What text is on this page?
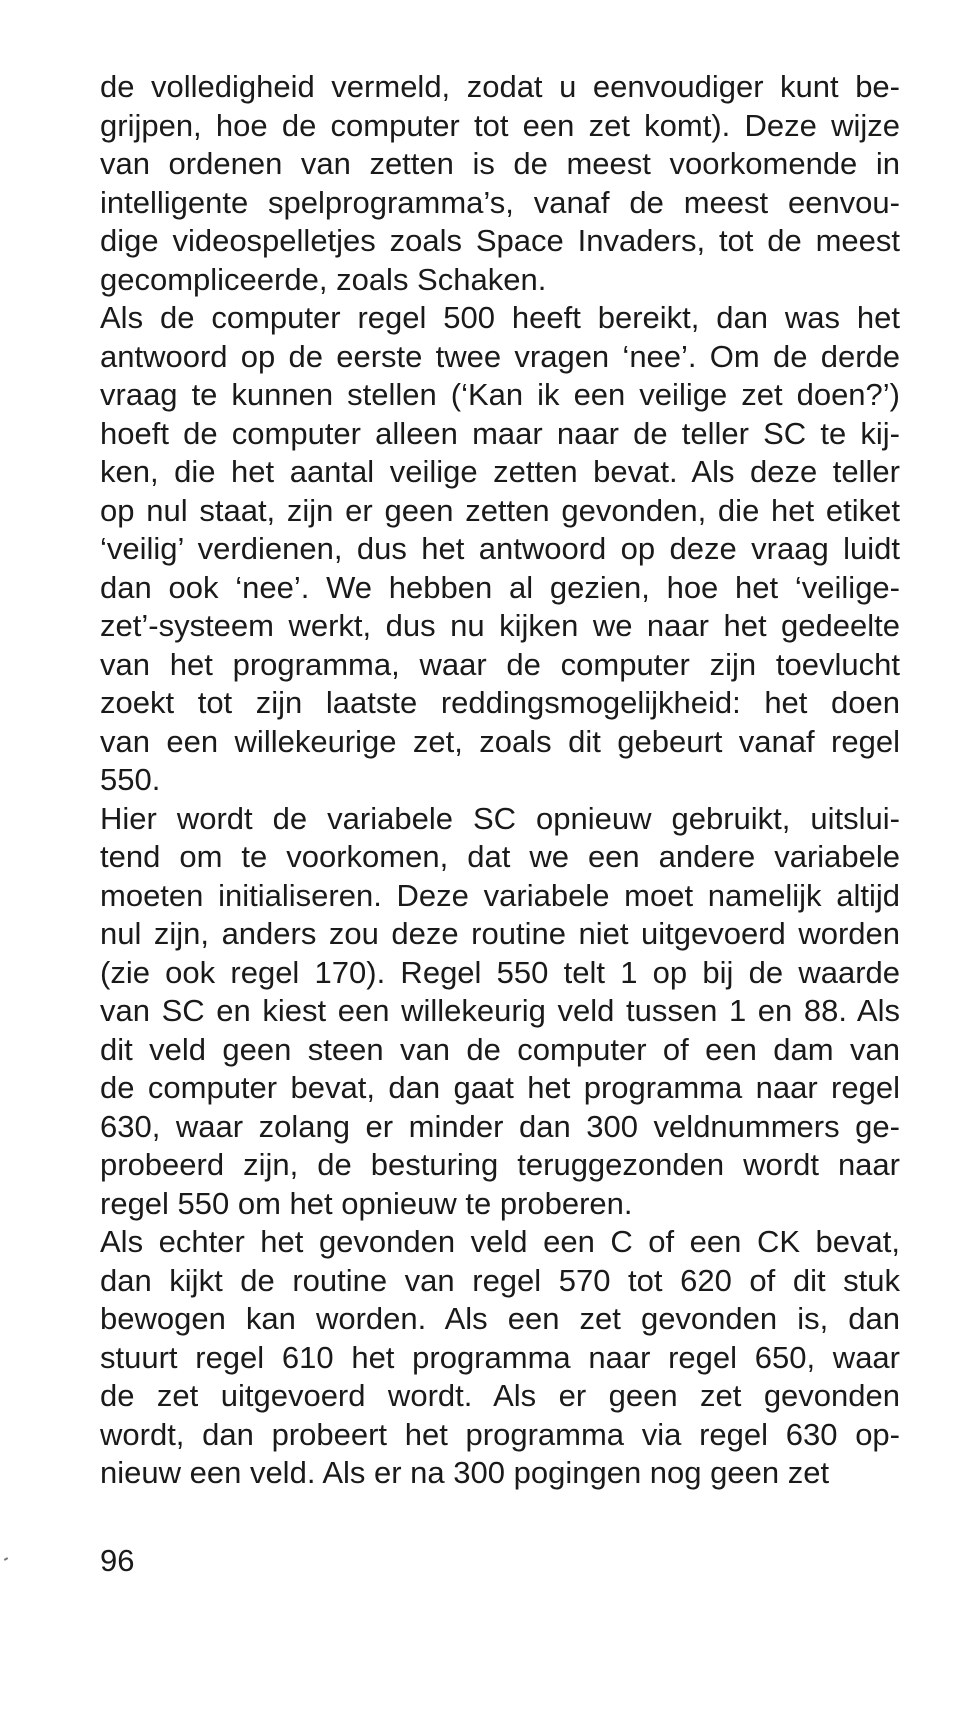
de volledigheid vermeld, zodat u eenvoudiger kunt be-
grijpen, hoe de computer tot een zet komt). Deze wijze
van ordenen van zetten is de meest voorkomende in
intelligente spelprogramma’s, vanaf de meest eenvou-
dige videospelletjes zoals Space Invaders, tot de meest
gecompliceerde, zoals Schaken.
Als de computer regel 500 heeft bereikt, dan was het
antwoord op de eerste twee vragen ‘nee’. Om de derde
vraag te kunnen stellen (‘Kan ik een veilige zet doen?’)
hoeft de computer alleen maar naar de teller SC te kij-
ken, die het aantal veilige zetten bevat. Als deze teller
op nul staat, zijn er geen zetten gevonden, die het etiket
‘veilig’ verdienen, dus het antwoord op deze vraag luidt
dan ook ‘nee’. We hebben al gezien, hoe het ‘veilige-
zet’-systeem werkt, dus nu kijken we naar het gedeelte
van het programma, waar de computer zijn toevlucht
zoekt tot zijn laatste reddingsmogelijkheid: het doen
van een willekeurige zet, zoals dit gebeurt vanaf regel
550.
Hier wordt de variabele SC opnieuw gebruikt, uitslui-
tend om te voorkomen, dat we een andere variabele
moeten initialiseren. Deze variabele moet namelijk altijd
nul zijn, anders zou deze routine niet uitgevoerd worden
(zie ook regel 170). Regel 550 telt 1 op bij de waarde
van SC en kiest een willekeurig veld tussen 1 en 88. Als
dit veld geen steen van de computer of een dam van
de computer bevat, dan gaat het programma naar regel
630, waar zolang er minder dan 300 veldnummers ge-
probeerd zijn, de besturing teruggezonden wordt naar
regel 550 om het opnieuw te proberen.
Als echter het gevonden veld een C of een CK bevat,
dan kijkt de routine van regel 570 tot 620 of dit stuk
bewogen kan worden. Als een zet gevonden is, dan
stuurt regel 610 het programma naar regel 650, waar
de zet uitgevoerd wordt. Als er geen zet gevonden
wordt, dan probeert het programma via regel 630 op-
nieuw een veld. Als er na 300 pogingen nog geen zet
96
